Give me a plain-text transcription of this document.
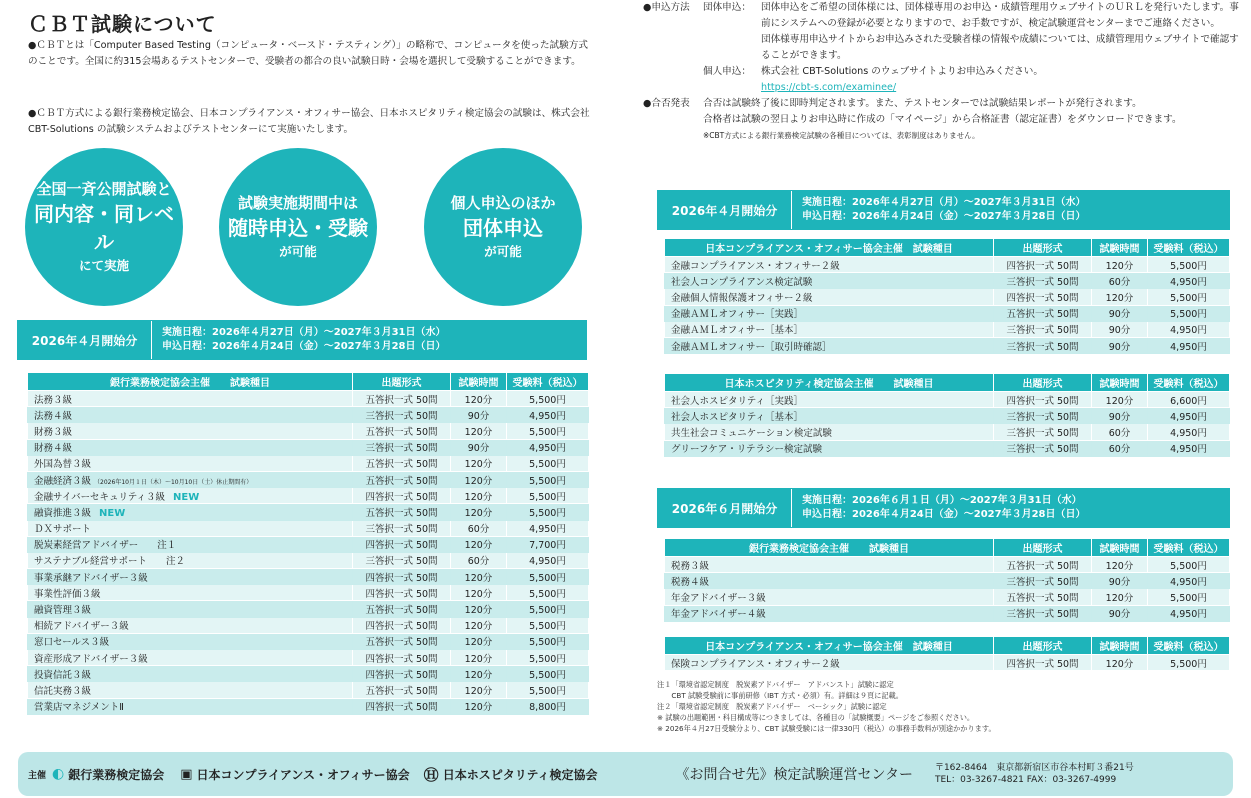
ＣＢＴ試験について
●ＣＢＴとは「Computer Based Testing（コンピュータ・ベースド・テスティング）」の略称で、コンピュータを使った試験方式のことです。全国に約315会場あるテストセンターで、受験者の都合の良い試験日時・会場を選択して受験することができます。
●ＣＢＴ方式による銀行業務検定協会、日本コンプライアンス・オフィサー協会、日本ホスピタリティ検定協会の試験は、株式会社 CBT-Solutions の試験システムおよびテストセンターにて実施いたします。
全国一斉公開試験と
同内容・同レベル
にて実施
試験実施期間中は
随時申込・受験
が可能
個人申込のほか
団体申込
が可能
2026年４月開始分
実施日程：2026年４月27日（月）～2027年３月31日（水）
申込日程：2026年４月24日（金）～2027年３月28日（日）
銀行業務検定協会主催　　試験種目	出題形式	試験時間	受験料（税込）
法務３級	五答択一式 50問	120分	5,500円
法務４級	三答択一式 50問	90分	4,950円
財務３級	五答択一式 50問	120分	5,500円
財務４級	三答択一式 50問	90分	4,950円
外国為替３級	五答択一式 50問	120分	5,500円
金融経済３級 （2026年10月１日（木）～10月10日（土）休止期間有）	五答択一式 50問	120分	5,500円
金融サイバーセキュリティ３級 NEW	四答択一式 50問	120分	5,500円
融資推進３級 NEW	五答択一式 50問	120分	5,500円
ＤＸサポート	三答択一式 50問	60分	4,950円
脱炭素経営アドバイザー　　注１	四答択一式 50問	120分	7,700円
サステナブル経営サポート　　注２	三答択一式 50問	60分	4,950円
事業承継アドバイザー３級	四答択一式 50問	120分	5,500円
事業性評価３級	四答択一式 50問	120分	5,500円
融資管理３級	五答択一式 50問	120分	5,500円
相続アドバイザー３級	四答択一式 50問	120分	5,500円
窓口セールス３級	五答択一式 50問	120分	5,500円
資産形成アドバイザー３級	四答択一式 50問	120分	5,500円
投資信託３級	四答択一式 50問	120分	5,500円
信託実務３級	五答択一式 50問	120分	5,500円
営業店マネジメントⅡ	四答択一式 50問	120分	8,800円
●申込方法	団体申込：	団体申込をご希望の団体様には、団体様専用のお申込・成績管理用ウェブサイトのＵＲＬを発行いたします。事前にシステムへの登録が必要となりますので、お手数ですが、検定試験運営センターまでご連絡ください。
団体様専用申込サイトからお申込みされた受験者様の情報や成績については、成績管理用ウェブサイトで確認することができます。
個人申込：	株式会社 CBT-Solutions のウェブサイトよりお申込みください。
https://cbt-s.com/examinee/
●合否発表	合否は試験終了後に即時判定されます。また、テストセンターでは試験結果レポートが発行されます。
合格者は試験の翌日よりお申込時に作成の「マイページ」から合格証書（認定証書）をダウンロードできます。
※CBT方式による銀行業務検定試験の各種目については、表彰制度はありません。
2026年４月開始分
実施日程：2026年４月27日（月）～2027年３月31日（水）
申込日程：2026年４月24日（金）～2027年３月28日（日）
日本コンプライアンス・オフィサー協会主催　試験種目	出題形式	試験時間	受験料（税込）
金融コンプライアンス・オフィサー２級	四答択一式 50問	120分	5,500円
社会人コンプライアンス検定試験	三答択一式 50問	60分	4,950円
金融個人情報保護オフィサー２級	四答択一式 50問	120分	5,500円
金融ＡＭＬオフィサー［実践］	五答択一式 50問	90分	5,500円
金融ＡＭＬオフィサー［基本］	三答択一式 50問	90分	4,950円
金融ＡＭＬオフィサー［取引時確認］	三答択一式 50問	90分	4,950円
日本ホスピタリティ検定協会主催　　試験種目	出題形式	試験時間	受験料（税込）
社会人ホスピタリティ［実践］	四答択一式 50問	120分	6,600円
社会人ホスピタリティ［基本］	三答択一式 50問	90分	4,950円
共生社会コミュニケーション検定試験	三答択一式 50問	60分	4,950円
グリーフケア・リテラシー検定試験	三答択一式 50問	60分	4,950円
2026年６月開始分
実施日程：2026年６月１日（月）～2027年３月31日（水）
申込日程：2026年４月24日（金）～2027年３月28日（日）
銀行業務検定協会主催　　試験種目	出題形式	試験時間	受験料（税込）
税務３級	五答択一式 50問	120分	5,500円
税務４級	三答択一式 50問	90分	4,950円
年金アドバイザー３級	五答択一式 50問	120分	5,500円
年金アドバイザー４級	三答択一式 50問	90分	4,950円
日本コンプライアンス・オフィサー協会主催　試験種目	出題形式	試験時間	受験料（税込）
保険コンプライアンス・オフィサー２級	四答択一式 50問	120分	5,500円
注１「環境省認定制度　脱炭素アドバイザー　アドバンスト」試験に認定
　　CBT 試験受験前に事前研修（IBT 方式・必須）有。詳細は９頁に記載。
注２「環境省認定制度　脱炭素アドバイザー　ベーシック」試験に認定
※ 試験の出題範囲・科目構成等につきましては、各種目の「試験概要」ページをご参照ください。
※ 2026年４月27日受験分より、CBT 試験受験には一律330円（税込）の事務手数料が別途かかります。
主催 ◐ 銀行業務検定協会 ▣ 日本コンプライアンス・オフィサー協会 Ⓗ 日本ホスピタリティ検定協会	《お問合せ先》検定試験運営センター 〒162-8464　東京都新宿区市谷本村町３番21号
TEL：03-3267-4821 FAX：03-3267-4999
